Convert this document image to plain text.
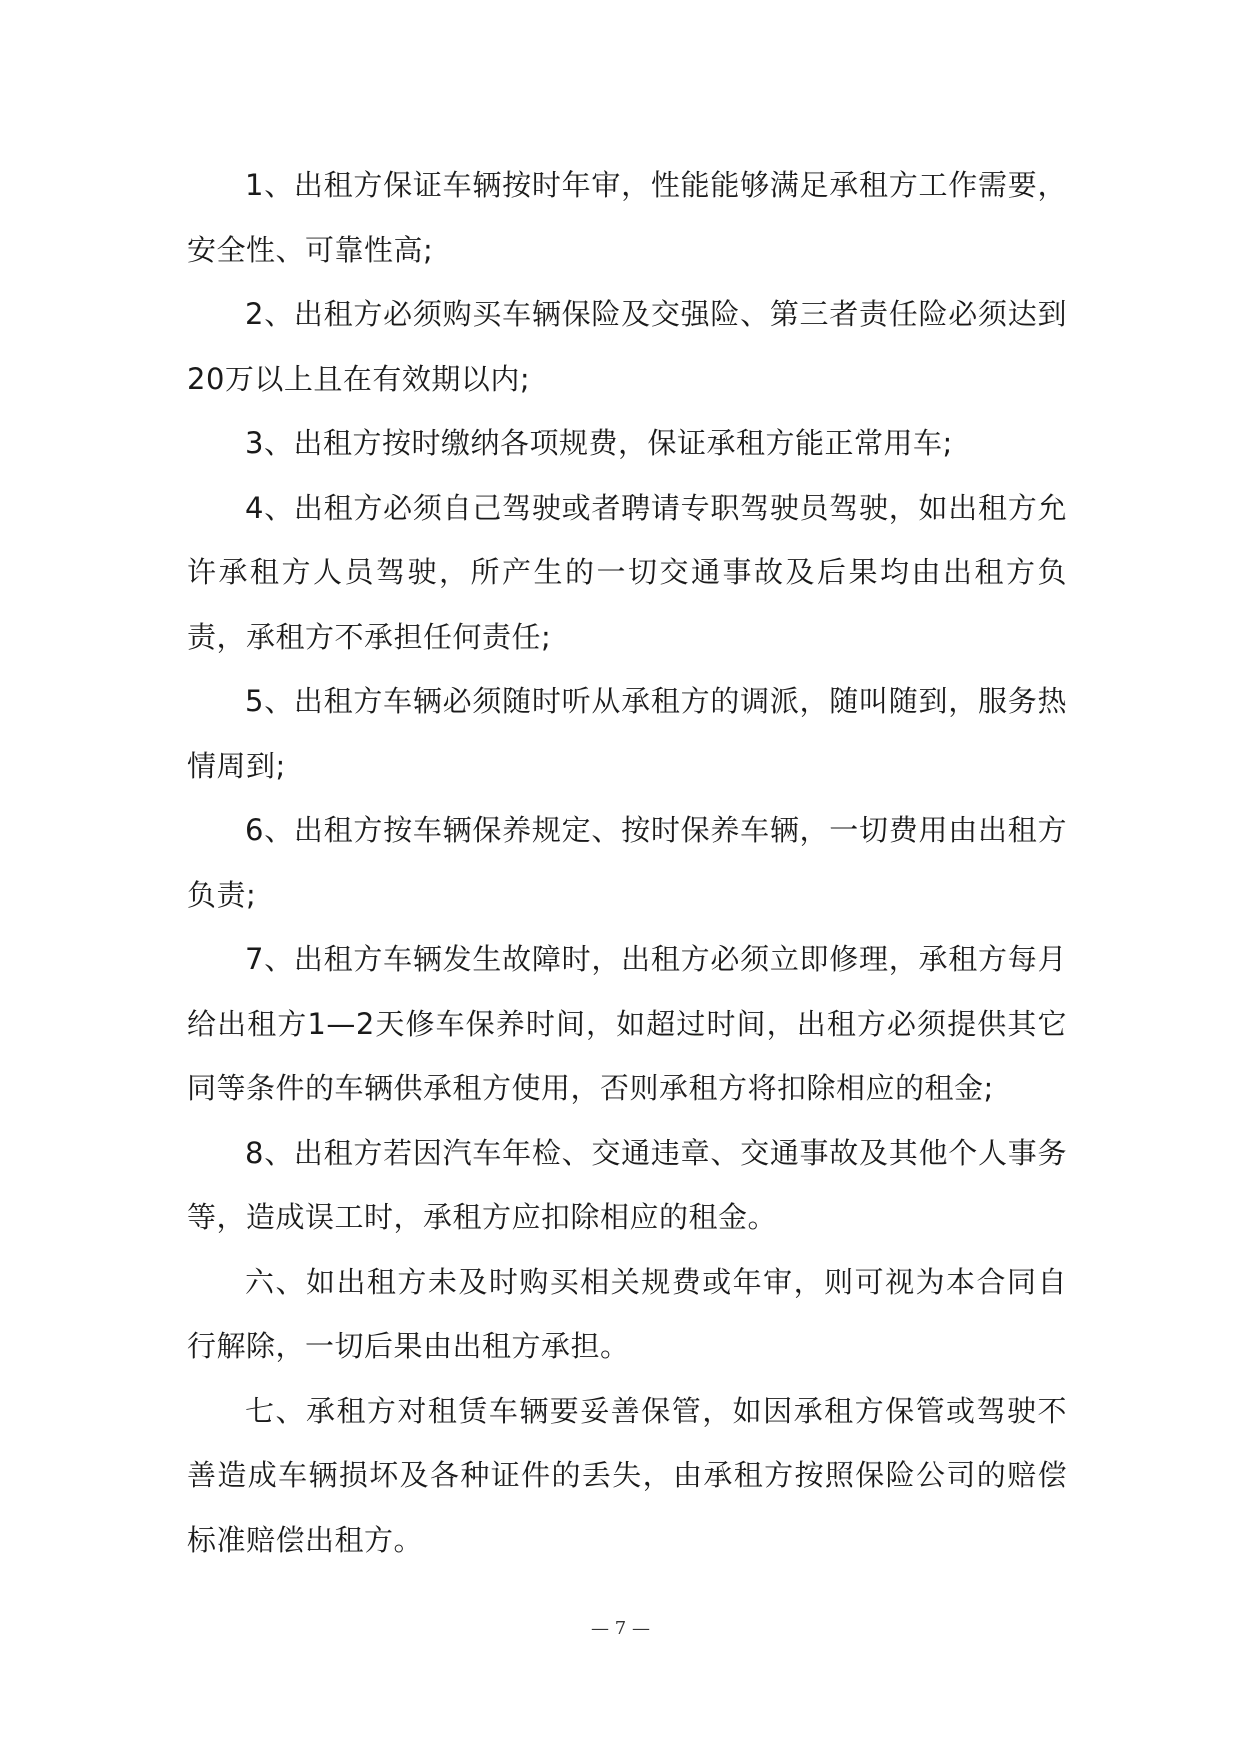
1、出租方保证车辆按时年审，性能能够满足承租方工作需要，安全性、可靠性高;

2、出租方必须购买车辆保险及交强险、第三者责任险必须达到20万以上且在有效期以内;

3、出租方按时缴纳各项规费，保证承租方能正常用车;

4、出租方必须自己驾驶或者聘请专职驾驶员驾驶，如出租方允许承租方人员驾驶，所产生的一切交通事故及后果均由出租方负责，承租方不承担任何责任;

5、出租方车辆必须随时听从承租方的调派，随叫随到，服务热情周到;

6、出租方按车辆保养规定、按时保养车辆，一切费用由出租方负责;

7、出租方车辆发生故障时，出租方必须立即修理，承租方每月给出租方1—2天修车保养时间，如超过时间，出租方必须提供其它同等条件的车辆供承租方使用，否则承租方将扣除相应的租金;

8、出租方若因汽车年检、交通违章、交通事故及其他个人事务等，造成误工时，承租方应扣除相应的租金。

六、如出租方未及时购买相关规费或年审，则可视为本合同自行解除，一切后果由出租方承担。

七、承租方对租赁车辆要妥善保管，如因承租方保管或驾驶不善造成车辆损坏及各种证件的丢失，由承租方按照保险公司的赔偿标准赔偿出租方。

— 7 —
